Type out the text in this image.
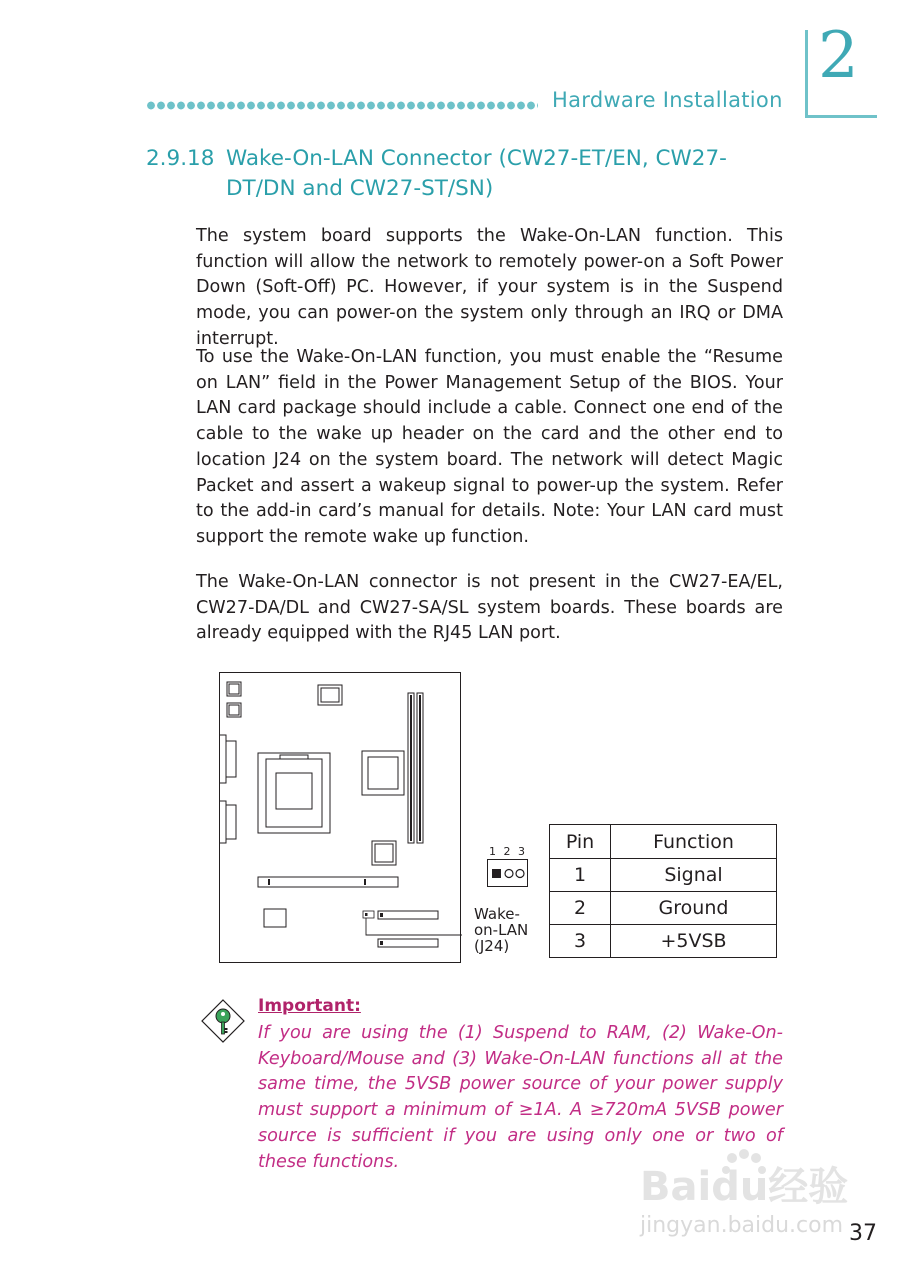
Hardware Installation
2
2.9.18 Wake-On-LAN Connector (CW27-ET/EN, CW27-
DT/DN and CW27-ST/SN)
The system board supports the Wake-On-LAN function. This function will allow the network to remotely power-on a Soft Power Down (Soft-Off) PC. However, if your system is in the Suspend mode, you can power-on the system only through an IRQ or DMA interrupt.
To use the Wake-On-LAN function, you must enable the “Resume on LAN” field in the Power Management Setup of the BIOS. Your LAN card package should include a cable. Connect one end of the cable to the wake up header on the card and the other end to location J24 on the system board. The network will detect Magic Packet and assert a wakeup signal to power-up the system. Refer to the add-in card’s manual for details. Note: Your LAN card must support the remote wake up function.
The Wake-On-LAN connector is not present in the CW27-EA/EL, CW27-DA/DL and CW27-SA/SL system boards. These boards are already equipped with the RJ45 LAN port.
1 2 3
Wake-
on-LAN
(J24)
Pin	Function
1	Signal
2	Ground
3	+5VSB
Important:
If you are using the (1) Suspend to RAM, (2) Wake-On-Keyboard/Mouse and (3) Wake-On-LAN functions all at the same time, the 5VSB power source of your power supply must support a minimum of ≥1A. A ≥720mA 5VSB power source is sufficient if you are using only one or two of these functions.
Baidu经验
jingyan.baidu.com 37
